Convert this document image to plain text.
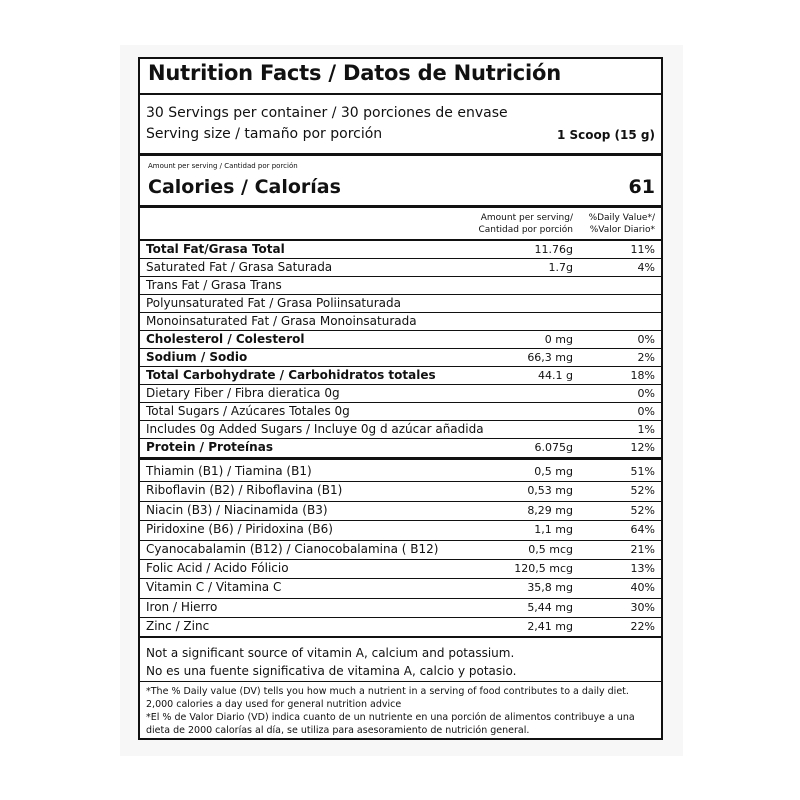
Nutrition Facts / Datos de Nutrición
30 Servings per container / 30 porciones de envase
Serving size / tamaño por porción	1 Scoop (15 g)
Amount per serving / Cantidad por porción
Calories / Calorías	61
Amount per serving/
Cantidad por porción
%Daily Value*/
%Valor Diario*
Total Fat/Grasa Total	11.76g	11%
Saturated Fat / Grasa Saturada	1.7g	4%
Trans Fat / Grasa Trans
Polyunsaturated Fat / Grasa Poliinsaturada
Monoinsaturated Fat / Grasa Monoinsaturada
Cholesterol / Colesterol	0 mg	0%
Sodium / Sodio	66,3 mg	2%
Total Carbohydrate / Carbohidratos totales	44.1 g	18%
Dietary Fiber / Fibra dieratica 0g	0%
Total Sugars / Azúcares Totales 0g	0%
Includes 0g Added Sugars / Incluye 0g d azúcar añadida	1%
Protein / Proteínas	6.075g	12%
Thiamin (B1) / Tiamina (B1)	0,5 mg	51%
Riboflavin (B2) / Riboflavina (B1)	0,53 mg	52%
Niacin (B3) / Niacinamida (B3)	8,29 mg	52%
Piridoxine (B6) / Piridoxina (B6)	1,1 mg	64%
Cyanocabalamin (B12) / Cianocobalamina ( B12)	0,5 mcg	21%
Folic Acid / Acido Fólicio	120,5 mcg	13%
Vitamin C / Vitamina C	35,8 mg	40%
Iron / Hierro	5,44 mg	30%
Zinc / Zinc	2,41 mg	22%
Not a significant source of vitamin A, calcium and potassium.
No es una fuente significativa de vitamina A, calcio y potasio.
*The % Daily value (DV) tells you how much a nutrient in a serving of food contributes to a daily diet. 2,000 calories a day used for general nutrition advice
*El % de Valor Diario (VD) indica cuanto de un nutriente en una porción de alimentos contribuye a una dieta de 2000 calorías al día, se utiliza para asesoramiento de nutrición general.
